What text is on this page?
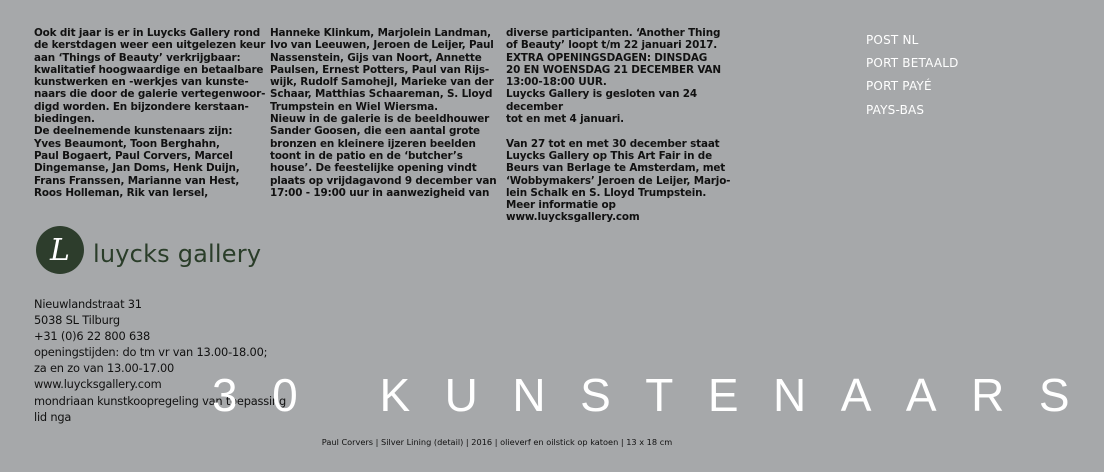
Ook dit jaar is er in Luycks Gallery rond
de kerstdagen weer een uitgelezen keur
aan ‘Things of Beauty’ verkrijgbaar:
kwalitatief hoogwaardige en betaalbare
kunstwerken en -werkjes van kunste-
naars die door de galerie vertegenwoor-
digd worden. En bijzondere kerstaan-
biedingen.
De deelnemende kunstenaars zijn:
Yves Beaumont, Toon Berghahn,
Paul Bogaert, Paul Corvers, Marcel
Dingemanse, Jan Doms, Henk Duijn,
Frans Franssen, Marianne van Hest,
Roos Holleman, Rik van Iersel,

Hanneke Klinkum, Marjolein Landman,
Ivo van Leeuwen, Jeroen de Leijer, Paul
Nassenstein, Gijs van Noort, Annette
Paulsen, Ernest Potters, Paul van Rijs-
wijk, Rudolf Samohejl, Marieke van der
Schaar, Matthias Schaareman, S. Lloyd
Trumpstein en Wiel Wiersma.
Nieuw in de galerie is de beeldhouwer
Sander Goosen, die een aantal grote
bronzen en kleinere ijzeren beelden
toont in de patio en de ‘butcher’s
house’. De feestelijke opening vindt
plaats op vrijdagavond 9 december van
17:00 - 19:00 uur in aanwezigheid van

diverse participanten. ‘Another Thing
of Beauty’ loopt t/m 22 januari 2017.
EXTRA OPENINGSDAGEN: DINSDAG
20 EN WOENSDAG 21 DECEMBER VAN
13:00-18:00 UUR.
Luycks Gallery is gesloten van 24 december
tot en met 4 januari.

Van 27 tot en met 30 december staat
Luycks Gallery op This Art Fair in de
Beurs van Berlage te Amsterdam, met
‘Wobbymakers’ Jeroen de Leijer, Marjo-
lein Schalk en S. Lloyd Trumpstein.
Meer informatie op www.luycksgallery.com

POST NL
PORT BETAALD
PORT PAYÉ
PAYS-BAS
L luycks gallery
Nieuwlandstraat 31
5038 SL Tilburg
+31 (0)6 22 800 638
openingstijden: do tm vr van 13.00-18.00;
za en zo van 13.00-17.00
www.luycksgallery.com
mondriaan kunstkoopregeling van toepassing
lid nga	30 KUNSTENAARS
Paul Corvers | Silver Lining (detail) | 2016 | olieverf en oilstick op katoen | 13 x 18 cm
